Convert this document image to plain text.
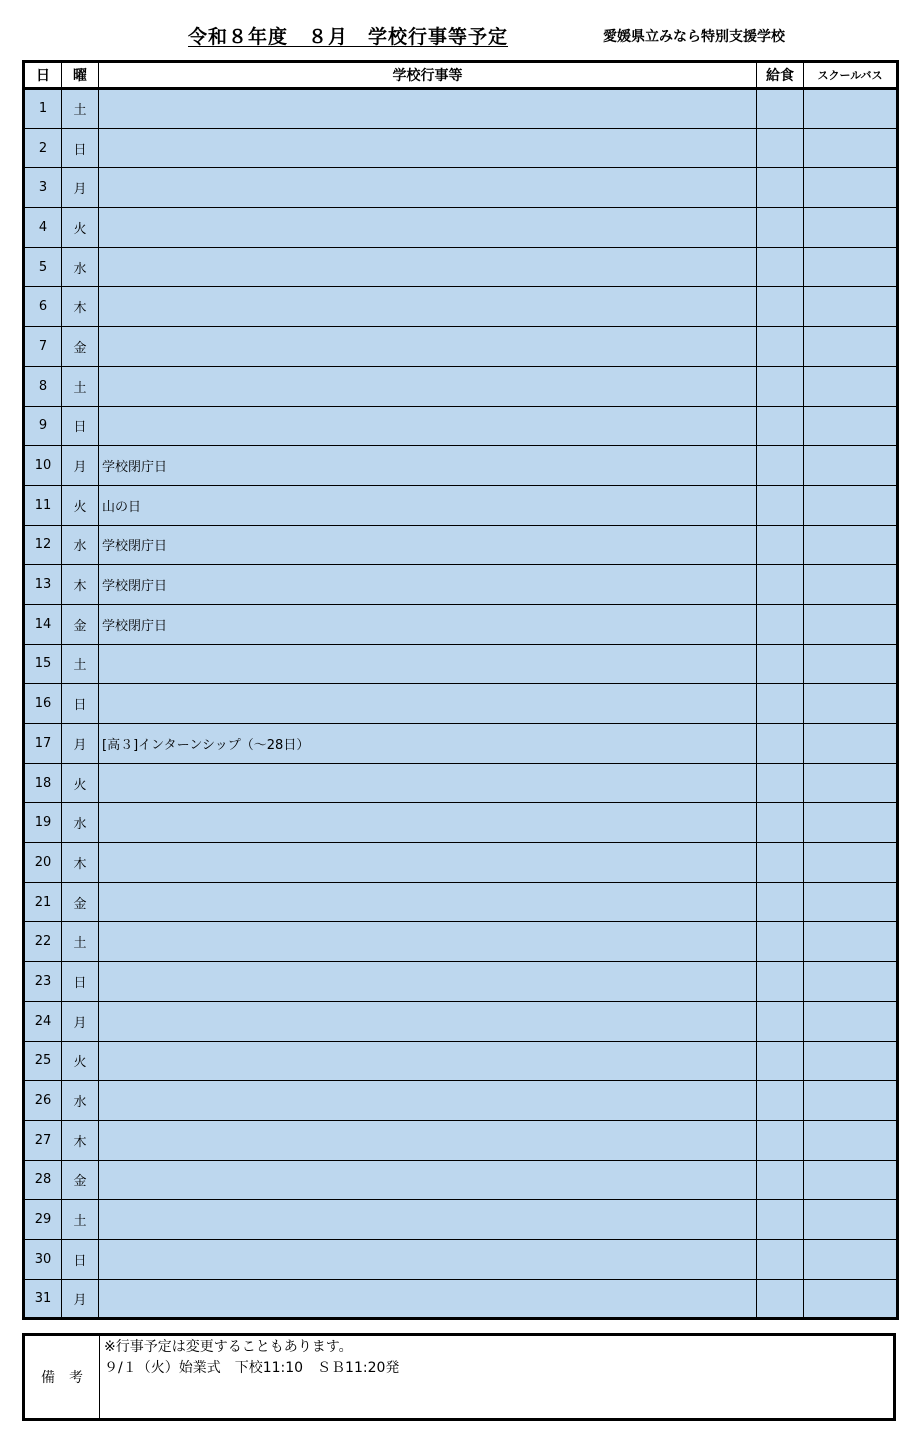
令和８年度　８月　学校行事等予定	愛媛県立みなら特別支援学校
日	曜	学校行事等	給食	スクールバス
1	土			
2	日			
3	月			
4	火			
5	水			
6	木			
7	金			
8	土			
9	日			
10	月	学校閉庁日		
11	火	山の日		
12	水	学校閉庁日		
13	木	学校閉庁日		
14	金	学校閉庁日		
15	土			
16	日			
17	月	[高３]インターンシップ（～28日）		
18	火			
19	水			
20	木			
21	金			
22	土			
23	日			
24	月			
25	火			
26	水			
27	木			
28	金			
29	土			
30	日			
31	月			
備　考
※行事予定は変更することもあります。
９/１（火）始業式　下校11:10　ＳＢ11:20発
